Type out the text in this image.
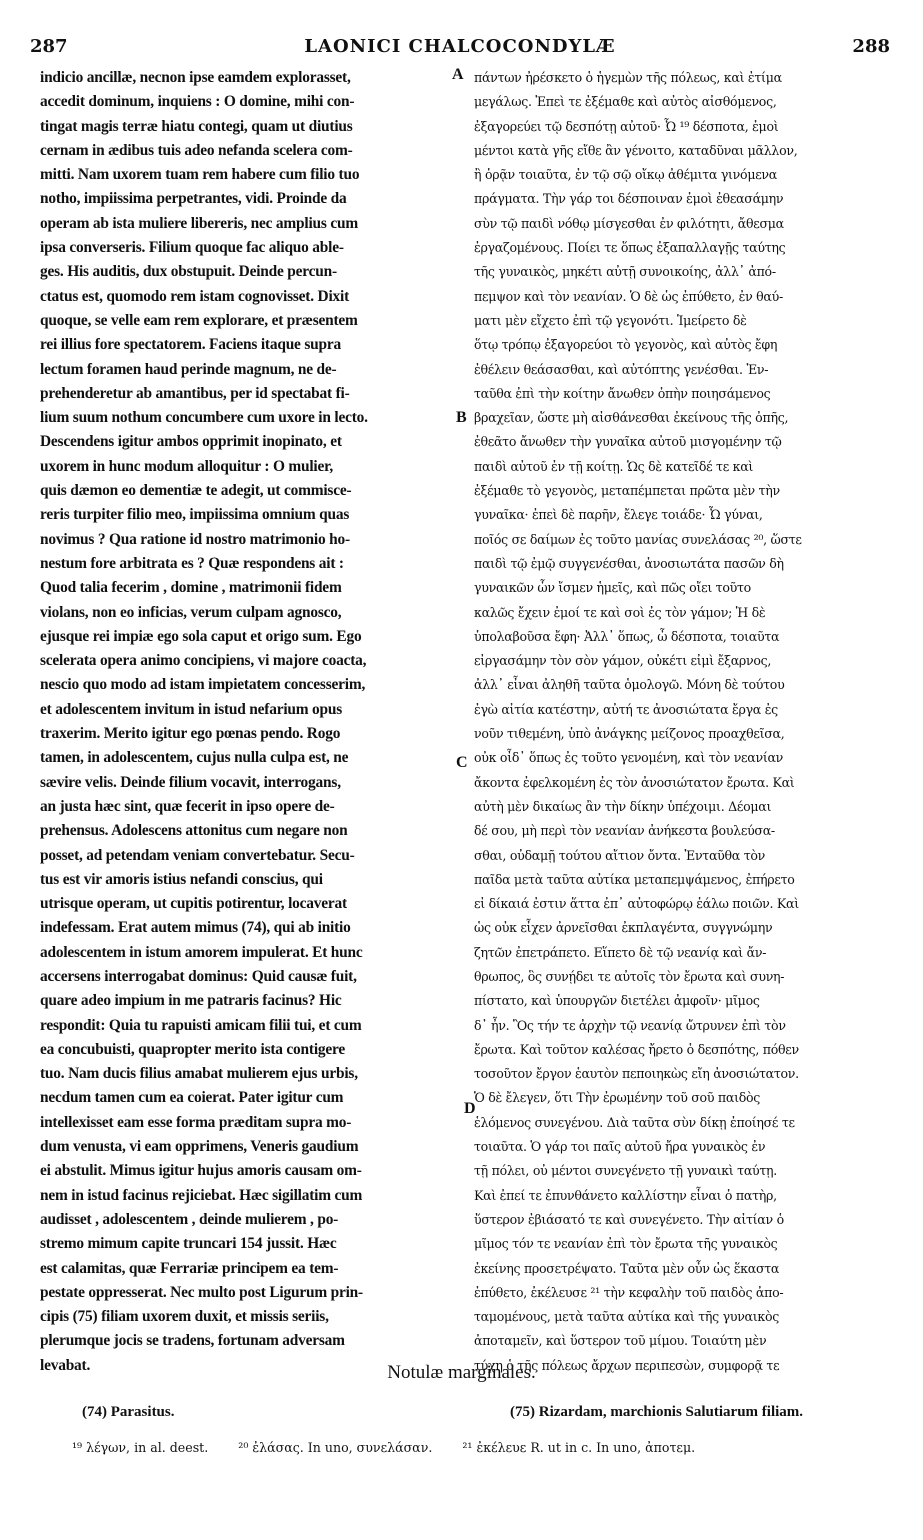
287	LAONICI CHALCOCONDYLÆ	288
indicio ancillæ, necnon ipse eamdem explorasset,
accedit dominum, inquiens : O domine, mihi con-
tingat magis terræ hiatu contegi, quam ut diutius
cernam in ædibus tuis adeo nefanda scelera com-
mitti. Nam uxorem tuam rem habere cum filio tuo
notho, impiissima perpetrantes, vidi. Proinde da
operam ab ista muliere libereris, nec amplius cum
ipsa converseris. Filium quoque fac aliquo able-
ges. His auditis, dux obstupuit. Deinde percun-
ctatus est, quomodo rem istam cognovisset. Dixit
quoque, se velle eam rem explorare, et præsentem
rei illius fore spectatorem. Faciens itaque supra
lectum foramen haud perinde magnum, ne de-
prehenderetur ab amantibus, per id spectabat fi-
lium suum nothum concumbere cum uxore in lecto.
Descendens igitur ambos opprimit inopinato, et
uxorem in hunc modum alloquitur : O mulier,
quis dæmon eo dementiæ te adegit, ut commisce-
reris turpiter filio meo, impiissima omnium quas
novimus ? Qua ratione id nostro matrimonio ho-
nestum fore arbitrata es ? Quæ respondens ait :
Quod talia fecerim , domine , matrimonii fidem
violans, non eo inficias, verum culpam agnosco,
ejusque rei impiæ ego sola caput et origo sum. Ego
scelerata opera animo concipiens, vi majore coacta,
nescio quo modo ad istam impietatem concesserim,
et adolescentem invitum in istud nefarium opus
traxerim. Merito igitur ego pœnas pendo. Rogo
tamen, in adolescentem, cujus nulla culpa est, ne
sævire velis. Deinde filium vocavit, interrogans,
an justa hæc sint, quæ fecerit in ipso opere de-
prehensus. Adolescens attonitus cum negare non
posset, ad petendam veniam convertebatur. Secu-
tus est vir amoris istius nefandi conscius, qui
utrisque operam, ut cupitis potirentur, locaverat
indefessam. Erat autem mimus (74), qui ab initio
adolescentem in istum amorem impulerat. Et hunc
accersens interrogabat dominus: Quid causæ fuit,
quare adeo impium in me patraris facinus? Hic
respondit: Quia tu rapuisti amicam filii tui, et cum
ea concubuisti, quapropter merito ista contigere
tuo. Nam ducis filius amabat mulierem ejus urbis,
necdum tamen cum ea coierat. Pater igitur cum
intellexisset eam esse forma præditam supra mo-
dum venusta, vi eam opprimens, Veneris gaudium
ei abstulit. Mimus igitur hujus amoris causam om-
nem in istud facinus rejiciebat. Hæc sigillatim cum
audisset , adolescentem , deinde mulierem , po-
stremo mimum capite truncari 154 jussit. Hæc
est calamitas, quæ Ferrariæ principem ea tem-
pestate oppresserat. Nec multo post Ligurum prin-
cipis (75) filiam uxorem duxit, et missis seriis,
plerumque jocis se tradens, fortunam adversam
levabat.
πάντων ἠρέσκετο ὁ ἡγεμὼν τῆς πόλεως, καὶ ἐτίμα
μεγάλως. Ἐπεὶ τε ἐξέμαθε καὶ αὐτὸς αἰσθόμενος,
ἐξαγορεύει τῷ δεσπότῃ αὐτοῦ· Ὦ ¹⁹ δέσποτα, ἐμοὶ
μέντοι κατὰ γῆς εἴθε ἂν γένοιτο, καταδῦναι μᾶλλον,
ἢ ὁρᾷν τοιαῦτα, ἐν τῷ σῷ οἴκῳ ἀθέμιτα γινόμενα
πράγματα. Τὴν γάρ τοι δέσποιναν ἐμοὶ ἐθεασάμην
σὺν τῷ παιδὶ νόθῳ μίσγεσθαι ἐν φιλότητι, ἄθεσμα
ἐργαζομένους. Ποίει τε ὅπως ἐξαπαλλαγῇς ταύτης
τῆς γυναικὸς, μηκέτι αὐτῇ συνοικοίης, ἀλλ᾿ ἀπό-
πεμψον καὶ τὸν νεανίαν. Ὁ δὲ ὡς ἐπύθετο, ἐν θαύ-
ματι μὲν εἴχετο ἐπὶ τῷ γεγονότι. Ἱμείρετο δὲ
ὅτῳ τρόπῳ ἐξαγορεύοι τὸ γεγονὸς, καὶ αὐτὸς ἔφη
ἐθέλειν θεάσασθαι, καὶ αὐτόπτης γενέσθαι. Ἐν-
ταῦθα ἐπὶ τὴν κοίτην ἄνωθεν ὀπὴν ποιησάμενος
βραχεῖαν, ὥστε μὴ αἰσθάνεσθαι ἐκείνους τῆς ὀπῆς,
ἐθεᾶτο ἄνωθεν τὴν γυναῖκα αὐτοῦ μισγομένην τῷ
παιδὶ αὐτοῦ ἐν τῇ κοίτῃ. Ὡς δὲ κατεῖδέ τε καὶ
ἐξέμαθε τὸ γεγονὸς, μεταπέμπεται πρῶτα μὲν τὴν
γυναῖκα· ἐπεὶ δὲ παρῆν, ἔλεγε τοιάδε· Ὦ γύναι,
ποῖός σε δαίμων ἐς τοῦτο μανίας συνελάσας ²⁰, ὥστε
παιδὶ τῷ ἐμῷ συγγενέσθαι, ἀνοσιωτάτα πασῶν δὴ
γυναικῶν ὧν ἴσμεν ἡμεῖς, καὶ πῶς οἴει τοῦτο
καλῶς ἔχειν ἐμοί τε καὶ σοὶ ἐς τὸν γάμον; Ἡ δὲ
ὑπολαβοῦσα ἔφη· Ἀλλ᾿ ὅπως, ὦ δέσποτα, τοιαῦτα
εἰργασάμην τὸν σὸν γάμον, οὐκέτι εἰμὶ ἔξαρνος,
ἀλλ᾿ εἶναι ἀληθῆ ταῦτα ὁμολογῶ. Μόνη δὲ τούτου
ἐγὼ αἰτία κατέστην, αὐτή τε ἀνοσιώτατα ἔργα ἐς
νοῦν τιθεμένη, ὑπὸ ἀνάγκης μείζονος προαχθεῖσα,
οὐκ οἶδ᾿ ὅπως ἐς τοῦτο γενομένη, καὶ τὸν νεανίαν
ἄκοντα ἐφελκομένη ἐς τὸν ἀνοσιώτατον ἔρωτα. Καὶ
αὐτὴ μὲν δικαίως ἂν τὴν δίκην ὑπέχοιμι. Δέομαι
δέ σου, μὴ περὶ τὸν νεανίαν ἀνήκεστα βουλεύσα-
σθαι, οὐδαμῇ τούτου αἴτιον ὄντα. Ἐνταῦθα τὸν
παῖδα μετὰ ταῦτα αὐτίκα μεταπεμψάμενος, ἐπήρετο
εἰ δίκαιά ἐστιν ἅττα ἐπ᾿ αὐτοφώρῳ ἑάλω ποιῶν. Καὶ
ὡς οὐκ εἶχεν ἀρνεῖσθαι ἐκπλαγέντα, συγγνώμην
ζητῶν ἐπετράπετο. Εἵπετο δὲ τῷ νεανίᾳ καὶ ἄν-
θρωπος, ὃς συνῄδει τε αὐτοῖς τὸν ἔρωτα καὶ συνη-
πίστατο, καὶ ὑπουργῶν διετέλει ἀμφοῖν· μῖμος
δ᾿ ἦν. Ὃς τήν τε ἀρχὴν τῷ νεανίᾳ ὤτρυνεν ἐπὶ τὸν
ἔρωτα. Καὶ τοῦτον καλέσας ἤρετο ὁ δεσπότης, πόθεν
τοσοῦτον ἔργον ἑαυτὸν πεποιηκὼς εἴη ἀνοσιώτατον.
Ὁ δὲ ἔλεγεν, ὅτι Τὴν ἐρωμένην τοῦ σοῦ παιδὸς
ἑλόμενος συνεγένου. Διὰ ταῦτα σὺν δίκῃ ἐποίησέ τε
τοιαῦτα. Ὁ γάρ τοι παῖς αὐτοῦ ἤρα γυναικὸς ἐν
τῇ πόλει, οὐ μέντοι συνεγένετο τῇ γυναικὶ ταύτῃ.
Καὶ ἐπεί τε ἐπυνθάνετο καλλίστην εἶναι ὁ πατὴρ,
ὕστερον ἐβιάσατό τε καὶ συνεγένετο. Τὴν αἰτίαν ὁ
μῖμος τόν τε νεανίαν ἐπὶ τὸν ἔρωτα τῆς γυναικὸς
ἐκείνης προσετρέψατο. Ταῦτα μὲν οὖν ὡς ἕκαστα
ἐπύθετο, ἐκέλευσε ²¹ τὴν κεφαλὴν τοῦ παιδὸς ἀπο-
ταμομένους, μετὰ ταῦτα αὐτίκα καὶ τῆς γυναικὸς
ἀποταμεῖν, καὶ ὕστερον τοῦ μίμου. Τοιαύτη μὲν
τύχη ὁ τῆς πόλεως ἄρχων περιπεσὼν, συμφορᾷ τε
A
B
C
D
Notulæ marginales.
(74) Parasitus.	(75) Rizardam, marchionis Salutiarum filiam.
¹⁹ λέγων, in al. deest. ²⁰ ἐλάσας. In uno, συνελάσαν. ²¹ ἐκέλευε R. ut in c. In uno, ἀποτεμ.
